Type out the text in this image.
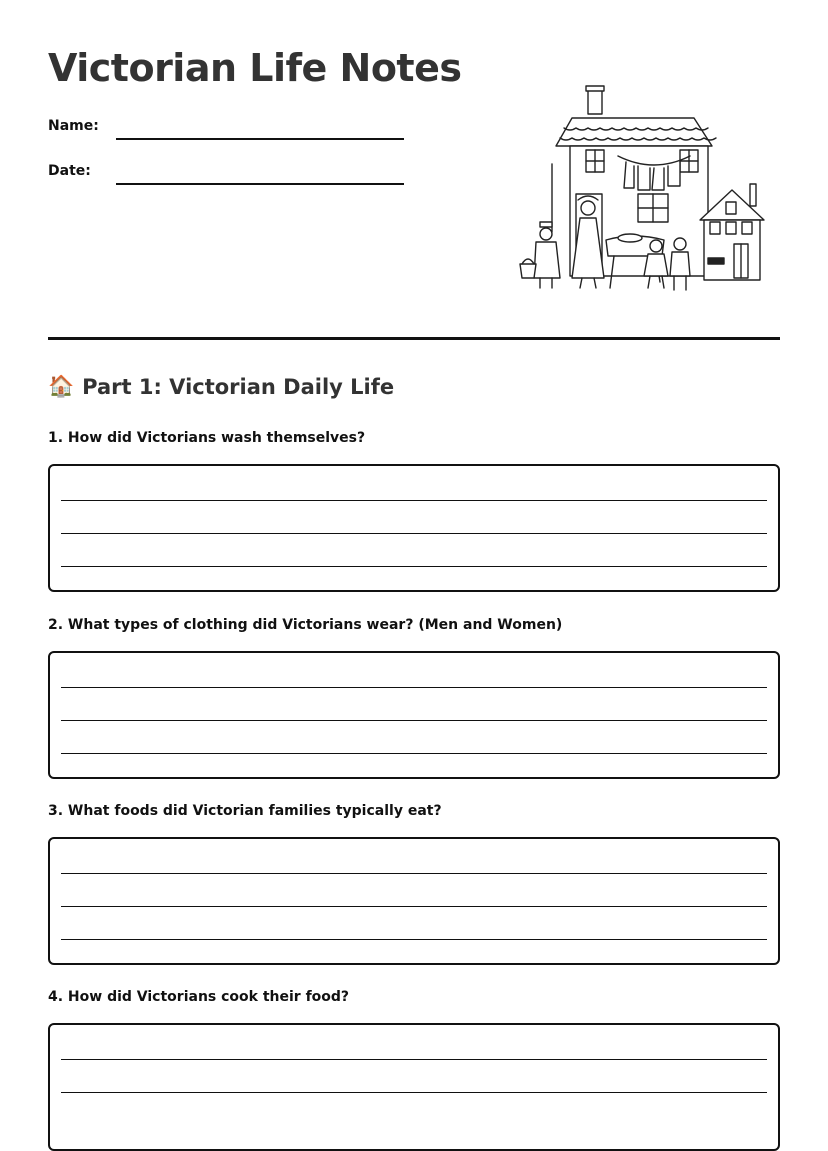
Victorian Life Notes
Name:
Date:
🏠 Part 1: Victorian Daily Life
1. How did Victorians wash themselves?
2. What types of clothing did Victorians wear? (Men and Women)
3. What foods did Victorian families typically eat?
4. How did Victorians cook their food?
